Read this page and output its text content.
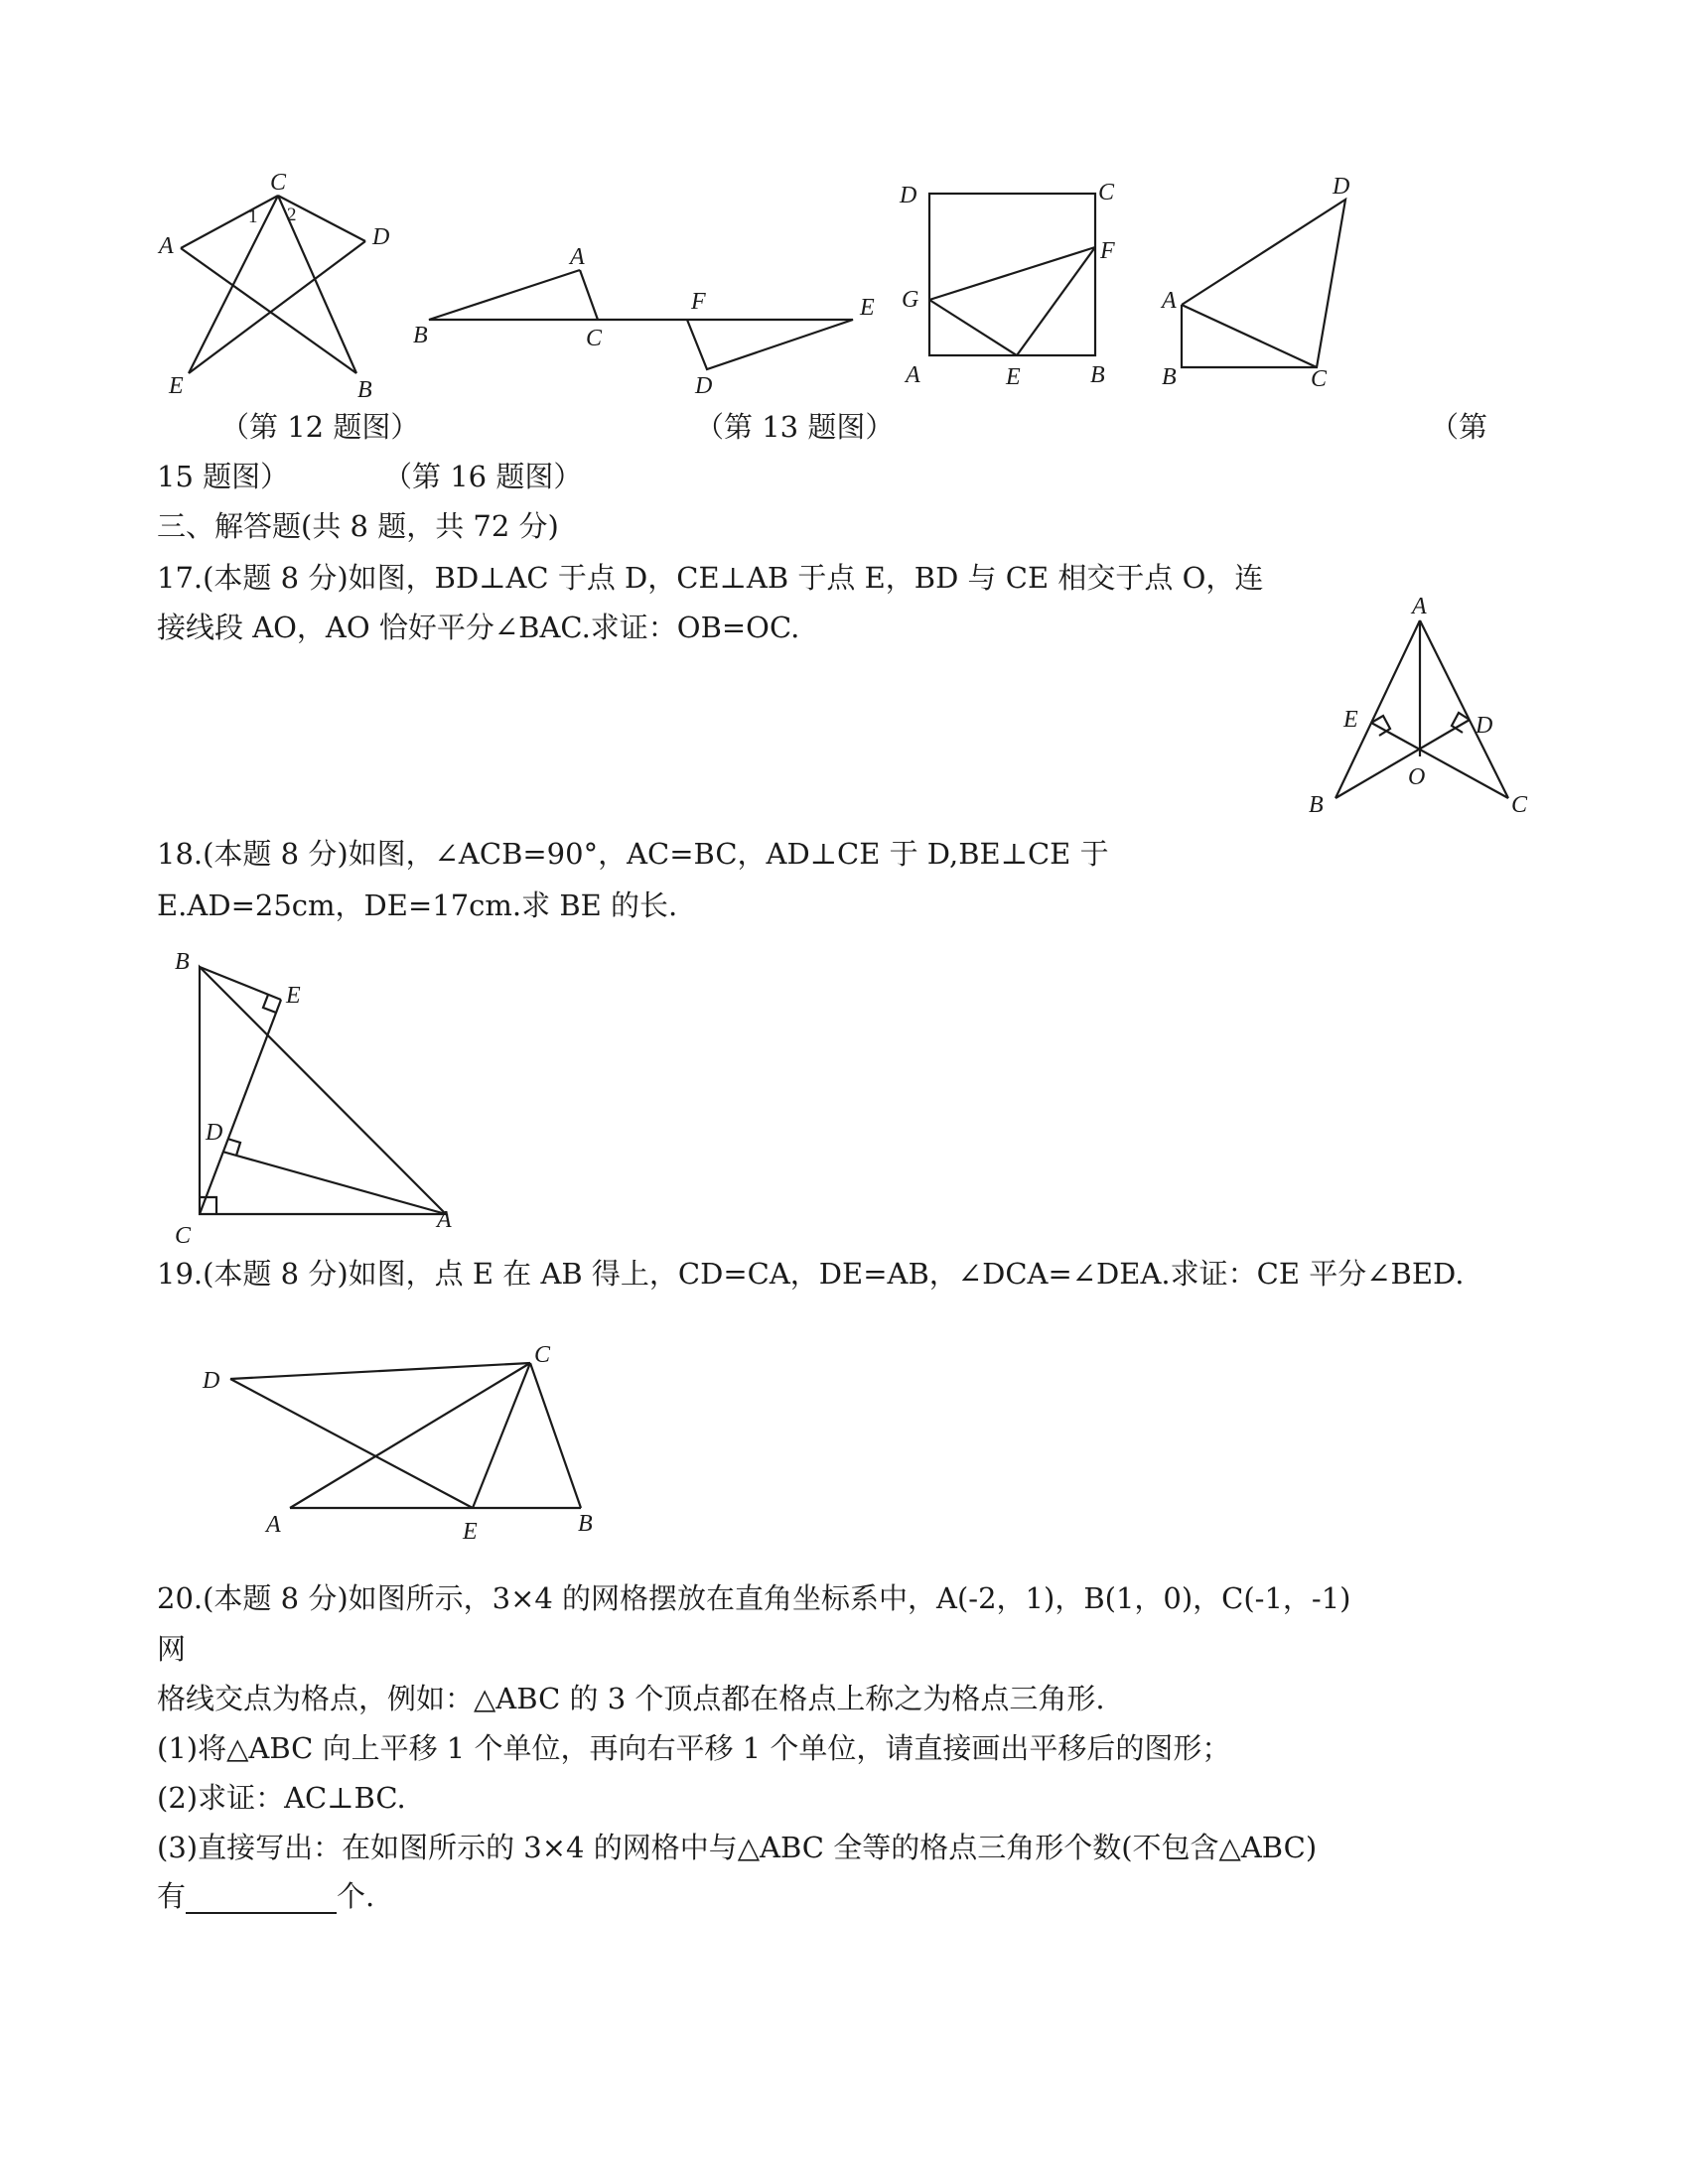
C
A	D
E	B
1 2
A
B	C
F	E
D
D	C
G
F
A	E	B
D
A
B	C
A
E	D
O
B	C
B
E
D
C
A
D
C
A	E	B
（第 12 题图）	（第 13 题图）	（第
15 题图）	（第 16 题图）
三、解答题(共 8 题，共 72 分)
17.(本题 8 分)如图，BD⊥AC 于点 D，CE⊥AB 于点 E，BD 与 CE 相交于点 O，连
接线段 AO，AO 恰好平分∠BAC.求证：OB=OC.
18.(本题 8 分)如图，∠ACB=90°，AC=BC，AD⊥CE 于 D,BE⊥CE 于
E.AD=25cm，DE=17cm.求 BE 的长.
19.(本题 8 分)如图，点 E 在 AB 得上，CD=CA，DE=AB，∠DCA=∠DEA.求证：CE 平分∠BED.
20.(本题 8 分)如图所示，3×4 的网格摆放在直角坐标系中，A(-2，1)，B(1，0)，C(-1，-1)
网
格线交点为格点，例如：△ABC 的 3 个顶点都在格点上称之为格点三角形.
(1)将△ABC 向上平移 1 个单位，再向右平移 1 个单位，请直接画出平移后的图形；
(2)求证：AC⊥BC.
(3)直接写出：在如图所示的 3×4 的网格中与△ABC 全等的格点三角形个数(不包含△ABC)
有	个.
